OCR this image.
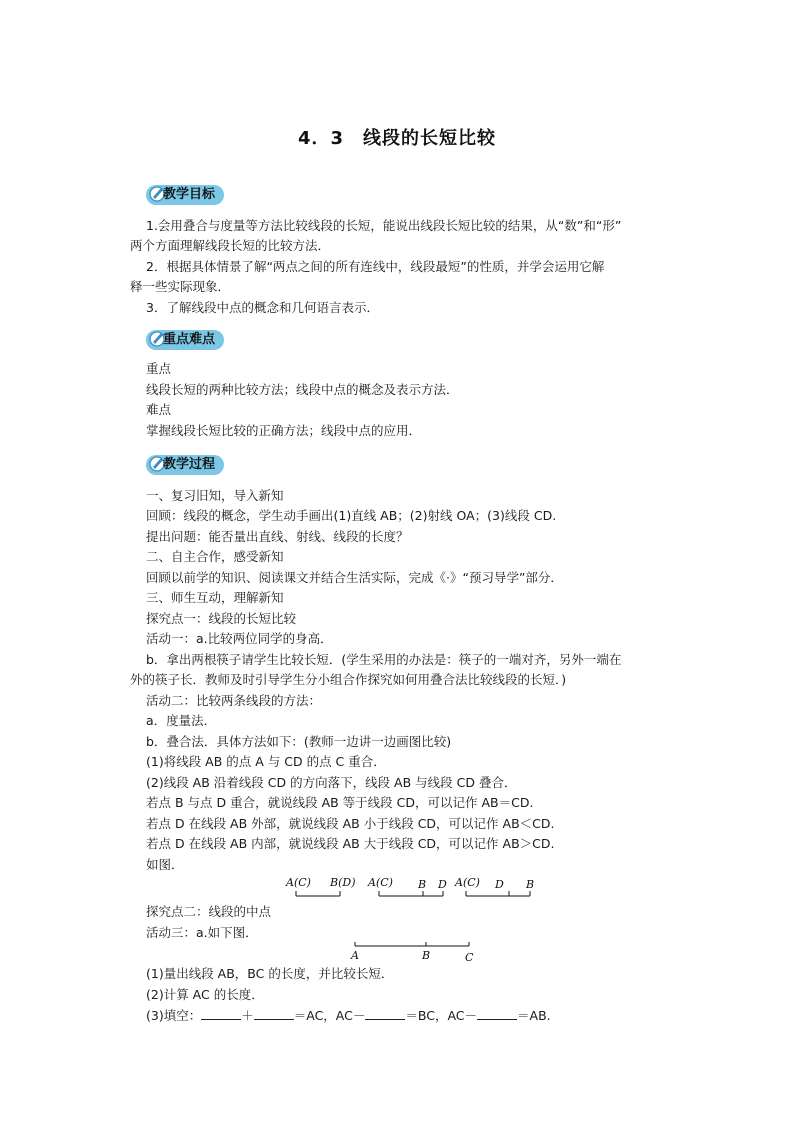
4．3　线段的长短比较
教学目标
1.会用叠合与度量等方法比较线段的长短，能说出线段长短比较的结果，从“数”和“形”
两个方面理解线段长短的比较方法．
2．根据具体情景了解“两点之间的所有连线中，线段最短”的性质，并学会运用它解
释一些实际现象．
3．了解线段中点的概念和几何语言表示．
重点难点
重点
线段长短的两种比较方法；线段中点的概念及表示方法．
难点
掌握线段长短比较的正确方法；线段中点的应用．
教学过程
一、复习旧知，导入新知
回顾：线段的概念，学生动手画出(1)直线 AB；(2)射线 OA；(3)线段 CD.
提出问题：能否量出直线、射线、线段的长度？
二、自主合作，感受新知
回顾以前学的知识、阅读课文并结合生活实际，完成《·》“预习导学”部分．
三、师生互动，理解新知
探究点一：线段的长短比较
活动一：a.比较两位同学的身高．
b．拿出两根筷子请学生比较长短．(学生采用的办法是：筷子的一端对齐，另外一端在
外的筷子长．教师及时引导学生分小组合作探究如何用叠合法比较线段的长短．)
活动二：比较两条线段的方法：
a．度量法．
b．叠合法．具体方法如下：(教师一边讲一边画图比较)
(1)将线段 AB 的点 A 与 CD 的点 C 重合．
(2)线段 AB 沿着线段 CD 的方向落下，线段 AB 与线段 CD 叠合．
若点 B 与点 D 重合，就说线段 AB 等于线段 CD，可以记作 AB＝CD.
若点 D 在线段 AB 外部，就说线段 AB 小于线段 CD，可以记作 AB＜CD.
若点 D 在线段 AB 内部，就说线段 AB 大于线段 CD，可以记作 AB＞CD.
如图．
A(C) B(D) A(C) B D A(C) D B
探究点二：线段的中点
活动三：a.如下图．
A	B	C
(1)量出线段 AB，BC 的长度，并比较长短．
(2)计算 AC 的长度．
(3)填空：	＋	＝AC，AC－	＝BC，AC－	＝AB.
